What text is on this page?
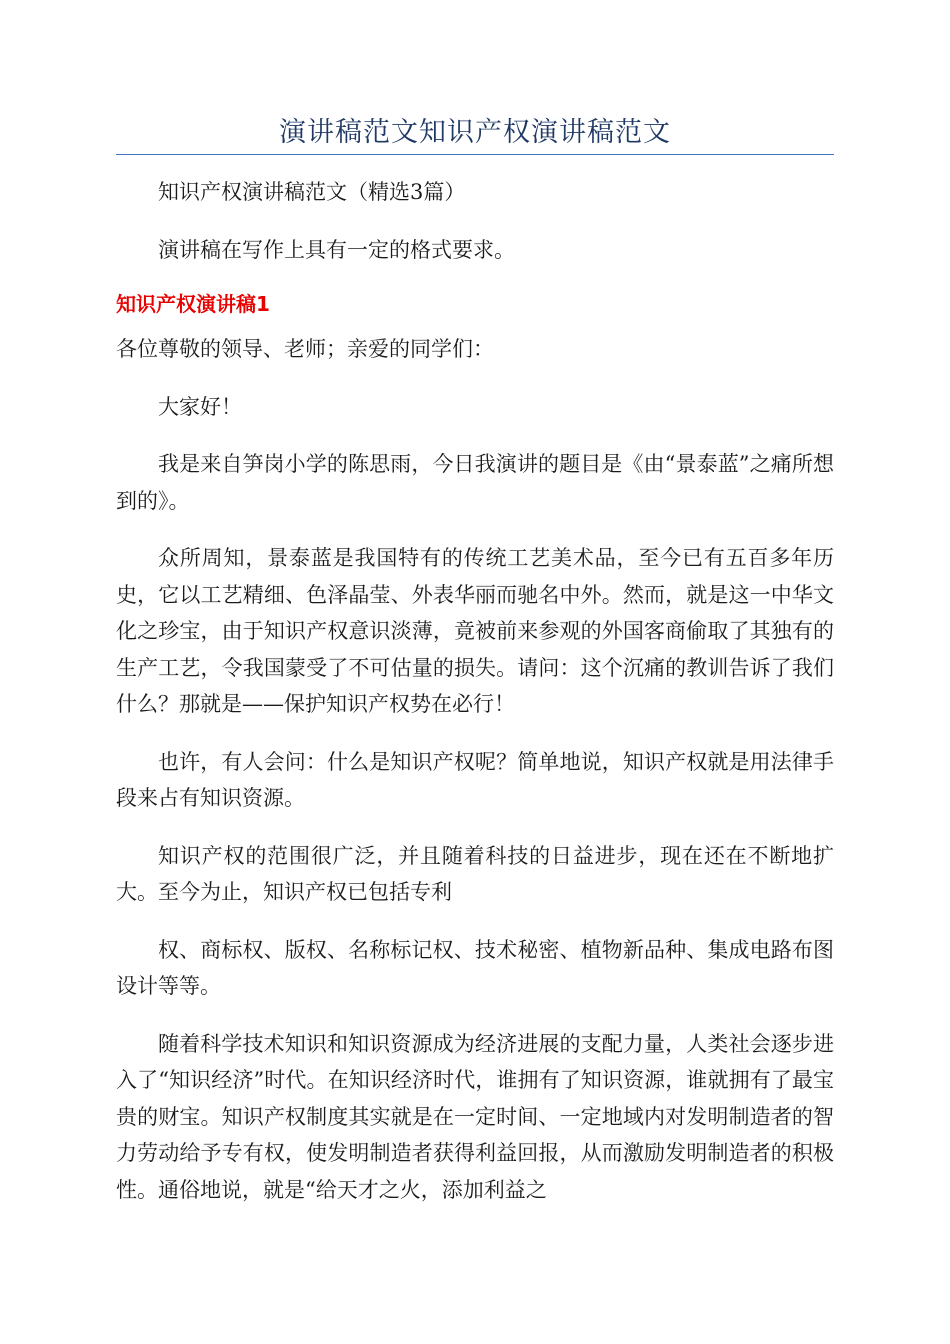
演讲稿范文知识产权演讲稿范文

知识产权演讲稿范文（精选3篇）

演讲稿在写作上具有一定的格式要求。

知识产权演讲稿1

各位尊敬的领导、老师；亲爱的同学们：

大家好！

我是来自笋岗小学的陈思雨，今日我演讲的题目是《由“景泰蓝”之痛所想到的》。

众所周知，景泰蓝是我国特有的传统工艺美术品，至今已有五百多年历史，它以工艺精细、色泽晶莹、外表华丽而驰名中外。然而，就是这一中华文化之珍宝，由于知识产权意识淡薄，竟被前来参观的外国客商偷取了其独有的生产工艺，令我国蒙受了不可估量的损失。请问：这个沉痛的教训告诉了我们什么？那就是——保护知识产权势在必行！

也许，有人会问：什么是知识产权呢？简单地说，知识产权就是用法律手段来占有知识资源。

知识产权的范围很广泛，并且随着科技的日益进步，现在还在不断地扩大。至今为止，知识产权已包括专利

权、商标权、版权、名称标记权、技术秘密、植物新品种、集成电路布图设计等等。

随着科学技术知识和知识资源成为经济进展的支配力量，人类社会逐步进入了“知识经济”时代。在知识经济时代，谁拥有了知识资源，谁就拥有了最宝贵的财宝。知识产权制度其实就是在一定时间、一定地域内对发明制造者的智力劳动给予专有权，使发明制造者获得利益回报，从而激励发明制造者的积极性。通俗地说，就是“给天才之火，添加利益之
